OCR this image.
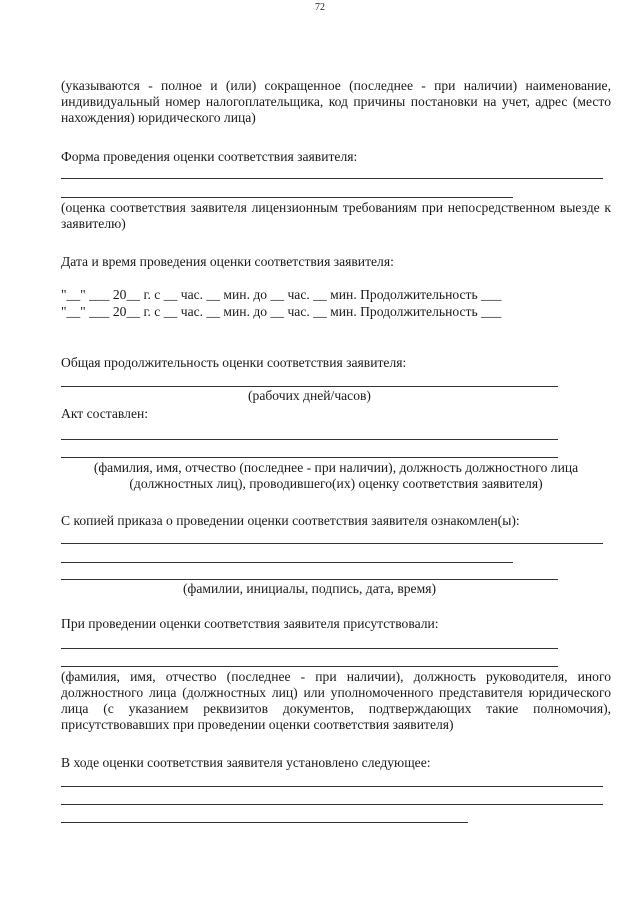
72
(указываются - полное и (или) сокращенное (последнее - при наличии) наименование, индивидуальный номер налогоплательщика, код причины постановки на учет, адрес (место нахождения) юридического лица)
Форма проведения оценки соответствия заявителя:
(оценка соответствия заявителя лицензионным требованиям при непосредственном выезде к заявителю)
Дата и время проведения оценки соответствия заявителя:
"__" ___ 20__ г. с __ час. __ мин. до __ час. __ мин. Продолжительность ___
"__" ___ 20__ г. с __ час. __ мин. до __ час. __ мин. Продолжительность ___
Общая продолжительность оценки соответствия заявителя:
(рабочих дней/часов)
Акт составлен:
(фамилия, имя, отчество (последнее - при наличии), должность должностного лица (должностных лиц), проводившего(их) оценку соответствия заявителя)
С копией приказа о проведении оценки соответствия заявителя ознакомлен(ы):
(фамилии, инициалы, подпись, дата, время)
При проведении оценки соответствия заявителя присутствовали:
(фамилия, имя, отчество (последнее - при наличии), должность руководителя, иного должностного лица (должностных лиц) или уполномоченного представителя юридического лица (с указанием реквизитов документов, подтверждающих такие полномочия), присутствовавших при проведении оценки соответствия заявителя)
В ходе оценки соответствия заявителя установлено следующее:
